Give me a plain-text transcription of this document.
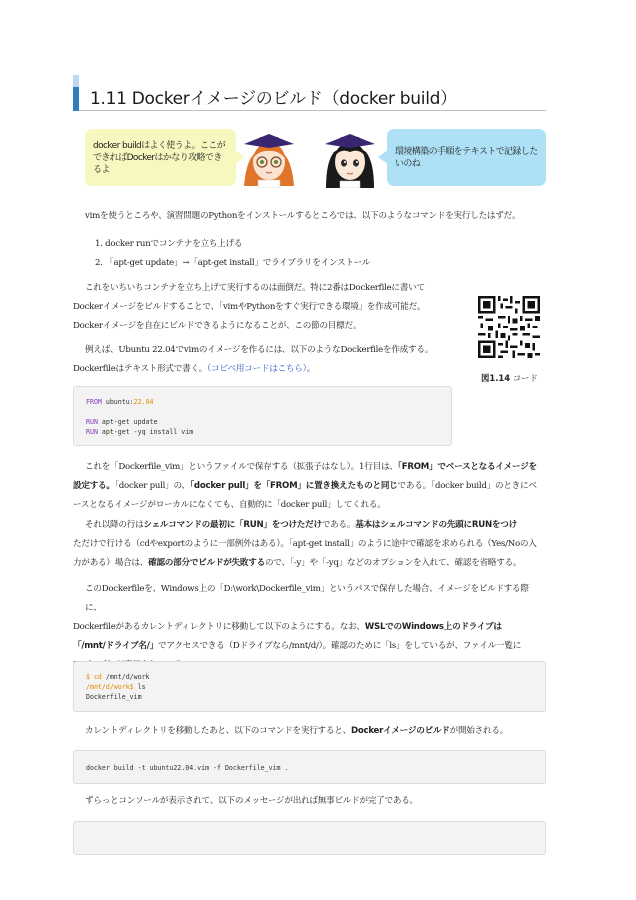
1.11 Dockerイメージのビルド（docker build）
docker buildはよく使うよ。ここができればDockerはかなり攻略できるよ
環境構築の手順をテキストで記録したいのね
vimを使うところや、演習問題のPythonをインストールするところでは、以下のようなコマンドを実行したはずだ。
1. docker runでコンテナを立ち上げる
2. 「apt-get update」→「apt-get install」でライブラリをインストール
これをいちいちコンテナを立ち上げて実行するのは面倒だ。特に2番はDockerfileに書いて
Dockerイメージをビルドすることで、「vimやPythonをすぐ実行できる環境」を作成可能だ。
Dockerイメージを自在にビルドできるようになることが、この節の目標だ。
図1.14 コード
例えば、Ubuntu 22.04でvimのイメージを作るには、以下のようなDockerfileを作成する。
Dockerfileはテキスト形式で書く。（コピペ用コードはこちら）。
FROM ubuntu:22.04

RUN apt-get update
RUN apt-get -yq install vim
これを「Dockerfile_vim」というファイルで保存する（拡張子はなし）。1行目は、「FROM」でベースとなるイメージを
設定する。「docker pull」の、「docker pull」を「FROM」に置き換えたものと同じである。「docker build」のときにベ
ースとなるイメージがローカルになくても、自動的に「docker pull」してくれる。
それ以降の行はシェルコマンドの最初に「RUN」をつけただけである。基本はシェルコマンドの先頭にRUNをつけ
ただけで行ける（cdやexportのように一部例外はある）。「apt-get install」のように途中で確認を求められる（Yes/Noの入
力がある）場合は、確認の部分でビルドが失敗するので、「-y」や「-yq」などのオプションを入れて、確認を省略する。
このDockerfileを、Windows上の「D:\work\Dockerfile_vim」というパスで保存した場合、イメージをビルドする際に、
Dockerfileがあるカレントディレクトリに移動して以下のようにする。なお、WSLでのWindows上のドライブは
「/mnt/ドライブ名/」でアクセスできる（Dドライブなら/mnt/d/）。確認のために「ls」をしているが、ファイル一覧に
$ cd /mnt/d/work
/mnt/d/work$ ls
Dockerfile_vim
カレントディレクトリを移動したあと、以下のコマンドを実行すると、Dockerイメージのビルドが開始される。
docker build -t ubuntu22.04.vim -f Dockerfile_vim .
ずらっとコンソールが表示されて、以下のメッセージが出れば無事ビルドが完了である。
